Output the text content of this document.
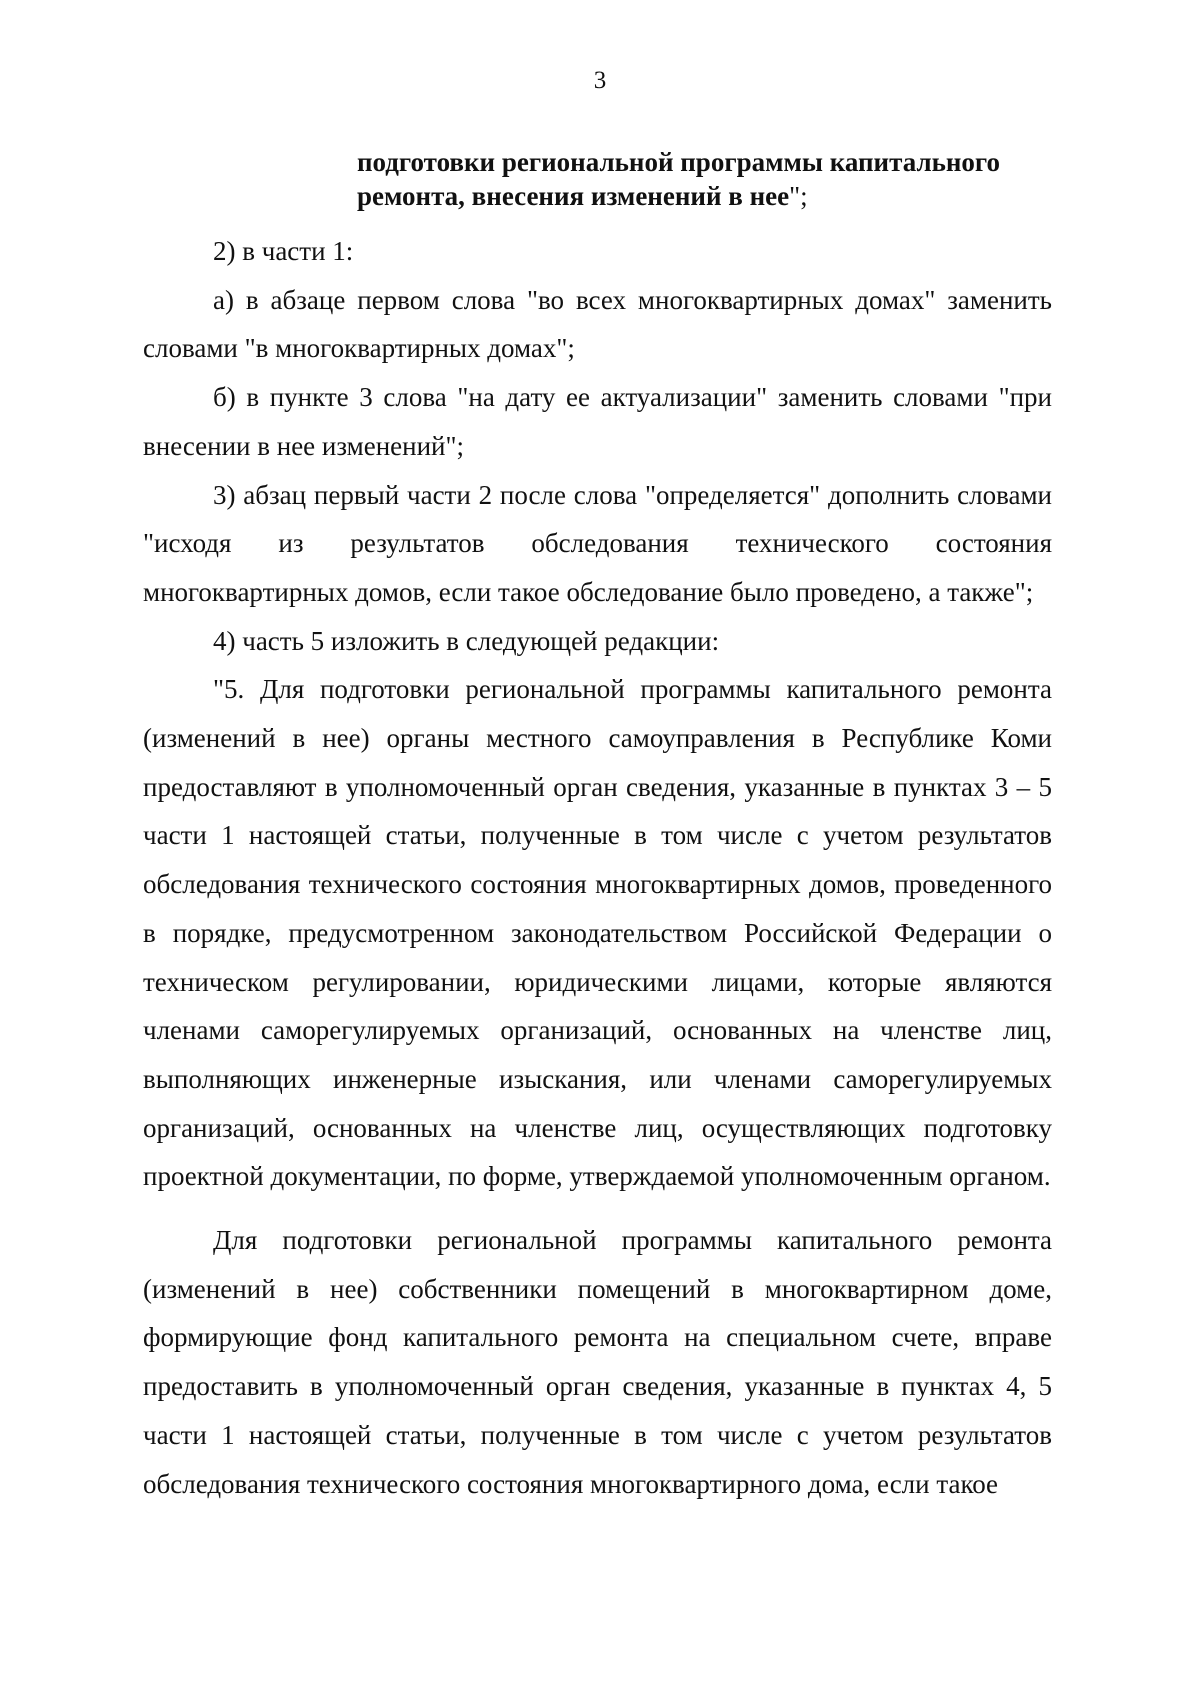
3
подготовки региональной программы капитального ремонта, внесения изменений в нее";

2) в части 1:

а) в абзаце первом слова "во всех многоквартирных домах" заменить словами "в многоквартирных домах";

б) в пункте 3 слова "на дату ее актуализации" заменить словами "при внесении в нее изменений";

3) абзац первый части 2 после слова "определяется" дополнить словами "исходя из результатов обследования технического состояния многоквартирных домов, если такое обследование было проведено, а также";

4) часть 5 изложить в следующей редакции:

"5. Для подготовки региональной программы капитального ремонта (изменений в нее) органы местного самоуправления в Республике Коми предоставляют в уполномоченный орган сведения, указанные в пунктах 3 – 5 части 1 настоящей статьи, полученные в том числе с учетом результатов обследования технического состояния многоквартирных домов, проведенного в порядке, предусмотренном законодательством Российской Федерации о техническом регулировании, юридическими лицами, которые являются членами саморегулируемых организаций, основанных на членстве лиц, выполняющих инженерные изыскания, или членами саморегулируемых организаций, основанных на членстве лиц, осуществляющих подготовку проектной документации, по форме, утверждаемой уполномоченным органом.

Для подготовки региональной программы капитального ремонта (изменений в нее) собственники помещений в многоквартирном доме, формирующие фонд капитального ремонта на специальном счете, вправе предоставить в уполномоченный орган сведения, указанные в пунктах 4, 5 части 1 настоящей статьи, полученные в том числе с учетом результатов обследования технического состояния многоквартирного дома, если такое
